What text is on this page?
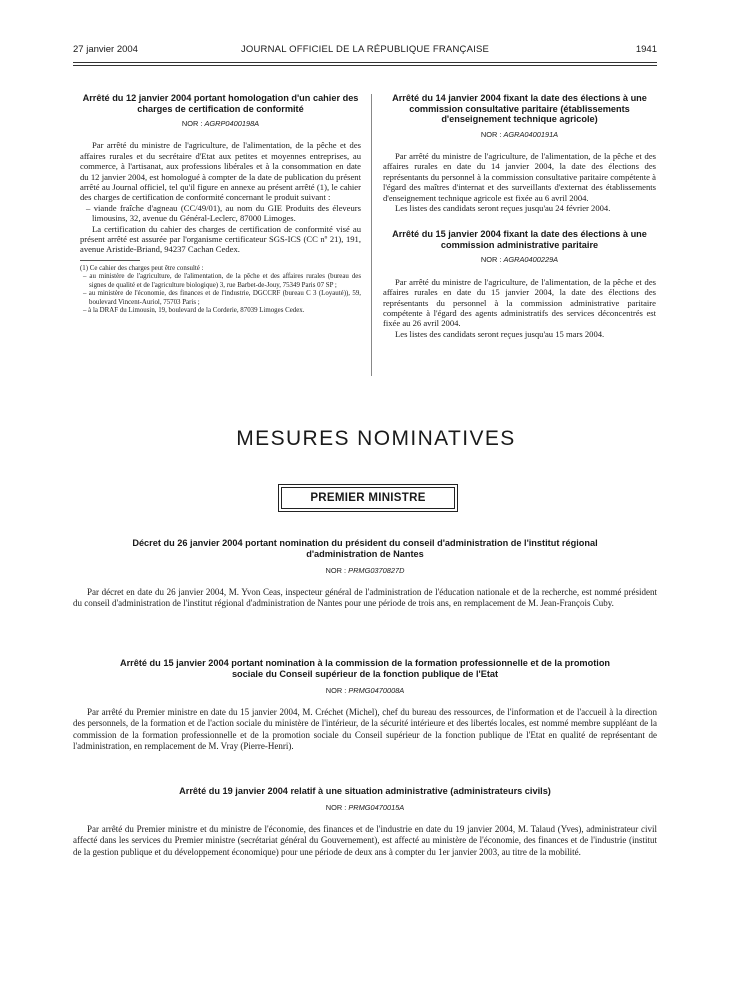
27 janvier 2004	JOURNAL OFFICIEL DE LA RÉPUBLIQUE FRANÇAISE	1941

Arrêté du 12 janvier 2004 portant homologation d'un cahier des charges de certification de conformité

NOR : AGRP0400198A

Par arrêté du ministre de l'agriculture, de l'alimentation, de la pêche et des affaires rurales et du secrétaire d'Etat aux petites et moyennes entreprises, au commerce, à l'artisanat, aux professions libérales et à la consommation en date du 12 janvier 2004, est homologué à compter de la date de publication du présent arrêté au Journal officiel, tel qu'il figure en annexe au présent arrêté (1), le cahier des charges de certification de conformité concernant le produit suivant :

– viande fraîche d'agneau (CC/49/01), au nom du GIE Produits des éleveurs limousins, 32, avenue du Général-Leclerc, 87000 Limoges.

La certification du cahier des charges de certification de conformité visé au présent arrêté est assurée par l'organisme certificateur SGS-ICS (CC nº 21), 191, avenue Aristide-Briand, 94237 Cachan Cedex.

(1) Ce cahier des charges peut être consulté :

– au ministère de l'agriculture, de l'alimentation, de la pêche et des affaires rurales (bureau des signes de qualité et de l'agriculture biologique) 3, rue Barbet-de-Jouy, 75349 Paris 07 SP ;

– au ministère de l'économie, des finances et de l'industrie, DGCCRF (bureau C 3 (Loyauté)), 59, boulevard Vincent-Auriol, 75703 Paris ;

– à la DRAF du Limousin, 19, boulevard de la Corderie, 87039 Limoges Cedex.

Arrêté du 14 janvier 2004 fixant la date des élections à une commission consultative paritaire (établissements d'enseignement technique agricole)

NOR : AGRA0400191A

Par arrêté du ministre de l'agriculture, de l'alimentation, de la pêche et des affaires rurales en date du 14 janvier 2004, la date des élections des représentants du personnel à la commission consultative paritaire compétente à l'égard des maîtres d'internat et des surveillants d'externat des établissements d'enseignement technique agricole est fixée au 6 avril 2004.

Les listes des candidats seront reçues jusqu'au 24 février 2004.

Arrêté du 15 janvier 2004 fixant la date des élections à une commission administrative paritaire

NOR : AGRA0400229A

Par arrêté du ministre de l'agriculture, de l'alimentation, de la pêche et des affaires rurales en date du 15 janvier 2004, la date des élections des représentants du personnel à la commission administrative paritaire compétente à l'égard des agents administratifs des services déconcentrés est fixée au 26 avril 2004.

Les listes des candidats seront reçues jusqu'au 15 mars 2004.

MESURES NOMINATIVES
PREMIER MINISTRE

Décret du 26 janvier 2004 portant nomination du président du conseil d'administration de l'institut régional d'administration de Nantes

NOR : PRMG0370827D

Par décret en date du 26 janvier 2004, M. Yvon Ceas, inspecteur général de l'administration de l'éducation nationale et de la recherche, est nommé président du conseil d'administration de l'institut régional d'administration de Nantes pour une période de trois ans, en remplacement de M. Jean-François Cuby.

Arrêté du 15 janvier 2004 portant nomination à la commission de la formation professionnelle et de la promotion sociale du Conseil supérieur de la fonction publique de l'Etat

NOR : PRMG0470008A

Par arrêté du Premier ministre en date du 15 janvier 2004, M. Créchet (Michel), chef du bureau des ressources, de l'information et de l'accueil à la direction des personnels, de la formation et de l'action sociale du ministère de l'intérieur, de la sécurité intérieure et des libertés locales, est nommé membre suppléant de la commission de la formation professionnelle et de la promotion sociale du Conseil supérieur de la fonction publique de l'Etat en qualité de représentant de l'administration, en remplacement de M. Vray (Pierre-Henri).

Arrêté du 19 janvier 2004 relatif à une situation administrative (administrateurs civils)

NOR : PRMG0470015A

Par arrêté du Premier ministre et du ministre de l'économie, des finances et de l'industrie en date du 19 janvier 2004, M. Talaud (Yves), administrateur civil affecté dans les services du Premier ministre (secrétariat général du Gouvernement), est affecté au ministère de l'économie, des finances et de l'industrie (institut de la gestion publique et du développement économique) pour une période de deux ans à compter du 1er janvier 2003, au titre de la mobilité.
